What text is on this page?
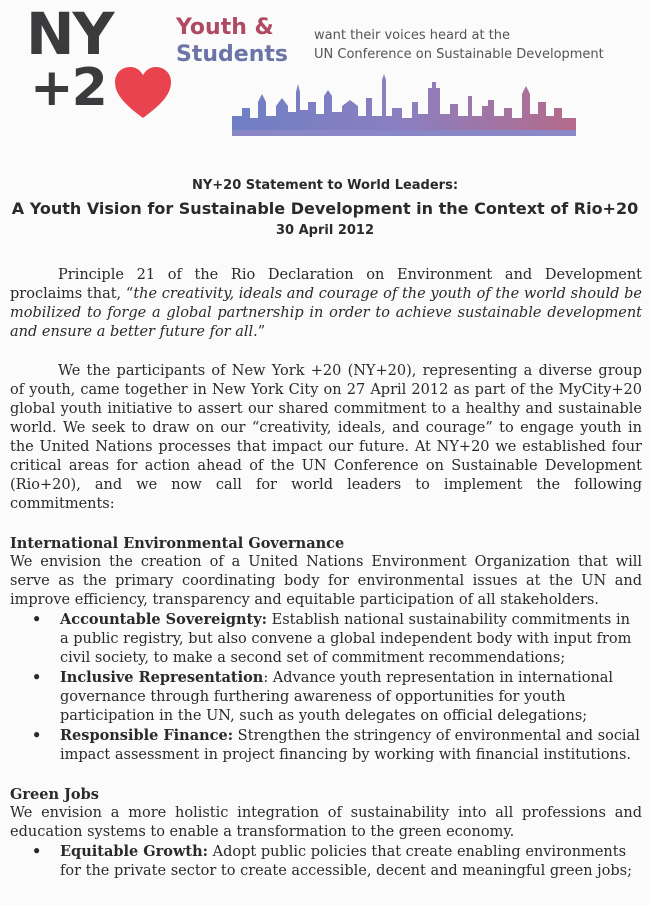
NY
+2
Youth &
Students
want their voices heard at the
UN Conference on Sustainable Development
NY+20 Statement to World Leaders:
A Youth Vision for Sustainable Development in the Context of Rio+20
30 April 2012

Principle 21 of the Rio Declaration on Environment and Development proclaims that, “the creativity, ideals and courage of the youth of the world should be mobilized to forge a global partnership in order to achieve sustainable development and ensure a better future for all.”

We the participants of New York +20 (NY+20), representing a diverse group of youth, came together in New York City on 27 April 2012 as part of the MyCity+20 global youth initiative to assert our shared commitment to a healthy and sustainable world. We seek to draw on our “creativity, ideals, and courage” to engage youth in the United Nations processes that impact our future. At NY+20 we established four critical areas for action ahead of the UN Conference on Sustainable Development (Rio+20), and we now call for world leaders to implement the following commitments:

International Environmental Governance

We envision the creation of a United Nations Environment Organization that will serve as the primary coordinating body for environmental issues at the UN and improve efficiency, transparency and equitable participation of all stakeholders.

• Accountable Sovereignty: Establish national sustainability commitments in a public registry, but also convene a global independent body with input from civil society, to make a second set of commitment recommendations;
• Inclusive Representation: Advance youth representation in international governance through furthering awareness of opportunities for youth participation in the UN, such as youth delegates on official delegations;
• Responsible Finance: Strengthen the stringency of environmental and social impact assessment in project financing by working with financial institutions.
Green Jobs

We envision a more holistic integration of sustainability into all professions and education systems to enable a transformation to the green economy.

• Equitable Growth: Adopt public policies that create enabling environments for the private sector to create accessible, decent and meaningful green jobs;
